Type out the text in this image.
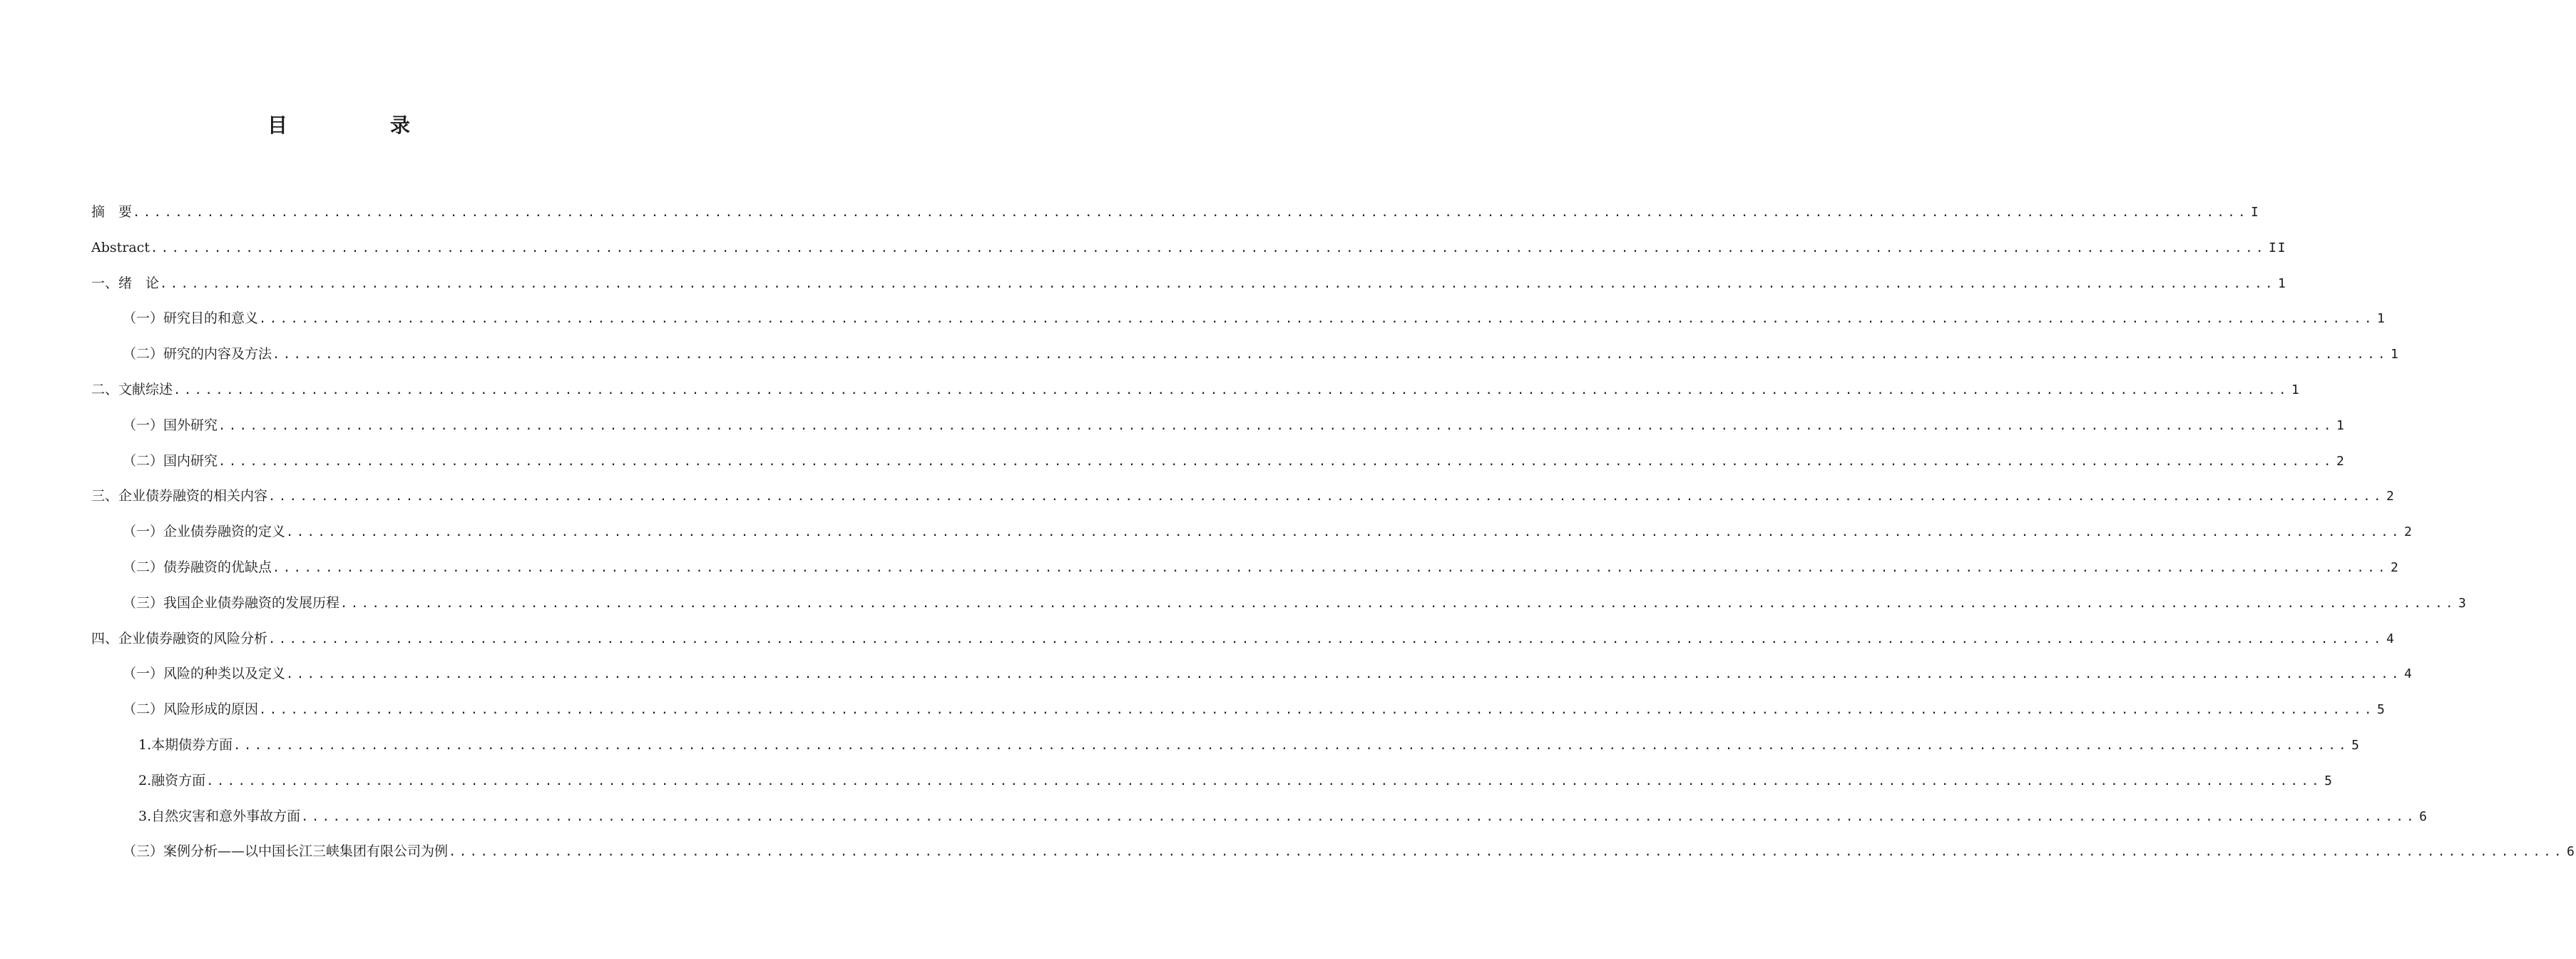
目　录
摘　要 ........................................................................................................................................................................................................ I
Abstract ........................................................................................................................................................................................................ II
一、绪　论 ........................................................................................................................................................................................................ 1
（一）研究目的和意义 ........................................................................................................................................................................................................ 1
（二）研究的内容及方法 ........................................................................................................................................................................................................ 1
二、文献综述 ........................................................................................................................................................................................................ 1
（一）国外研究 ........................................................................................................................................................................................................ 1
（二）国内研究 ........................................................................................................................................................................................................ 2
三、企业债券融资的相关内容 ........................................................................................................................................................................................................ 2
（一）企业债券融资的定义 ........................................................................................................................................................................................................ 2
（二）债券融资的优缺点 ........................................................................................................................................................................................................ 2
（三）我国企业债券融资的发展历程 ........................................................................................................................................................................................................ 3
四、企业债券融资的风险分析 ........................................................................................................................................................................................................ 4
（一）风险的种类以及定义 ........................................................................................................................................................................................................ 4
（二）风险形成的原因 ........................................................................................................................................................................................................ 5
1.本期债券方面 ........................................................................................................................................................................................................ 5
2.融资方面 ........................................................................................................................................................................................................ 5
3.自然灾害和意外事故方面 ........................................................................................................................................................................................................ 6
（三）案例分析——以中国长江三峡集团有限公司为例 ........................................................................................................................................................................................................ 6
